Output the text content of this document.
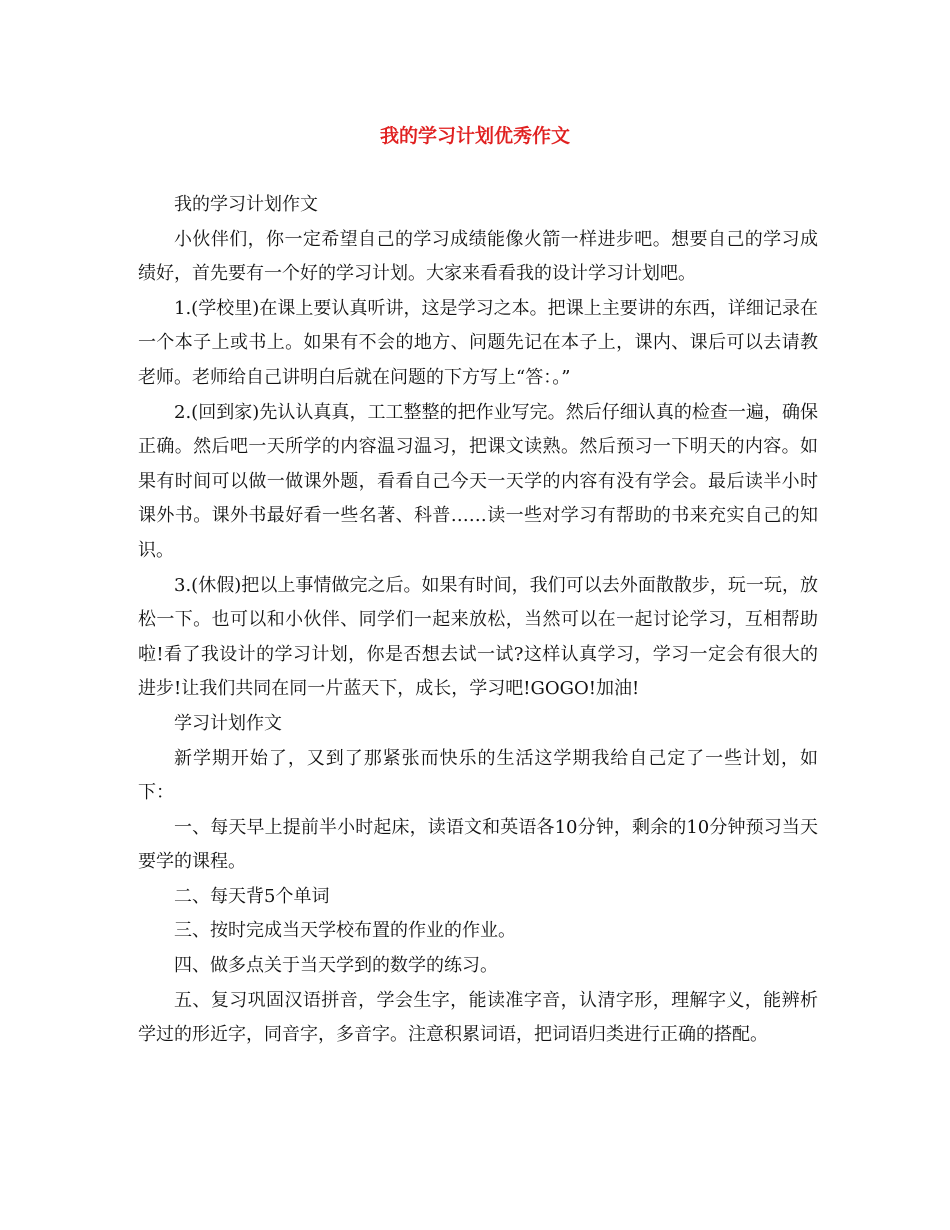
我的学习计划优秀作文

我的学习计划作文

小伙伴们，你一定希望自己的学习成绩能像火箭一样进步吧。想要自己的学习成绩好，首先要有一个好的学习计划。大家来看看我的设计学习计划吧。

1.(学校里)在课上要认真听讲，这是学习之本。把课上主要讲的东西，详细记录在一个本子上或书上。如果有不会的地方、问题先记在本子上，课内、课后可以去请教老师。老师给自己讲明白后就在问题的下方写上“答：。”

2.(回到家)先认认真真，工工整整的把作业写完。然后仔细认真的检查一遍，确保正确。然后吧一天所学的内容温习温习，把课文读熟。然后预习一下明天的内容。如果有时间可以做一做课外题，看看自己今天一天学的内容有没有学会。最后读半小时课外书。课外书最好看一些名著、科普……读一些对学习有帮助的书来充实自己的知识。

3.(休假)把以上事情做完之后。如果有时间，我们可以去外面散散步，玩一玩，放松一下。也可以和小伙伴、同学们一起来放松，当然可以在一起讨论学习，互相帮助啦!看了我设计的学习计划，你是否想去试一试?这样认真学习，学习一定会有很大的进步!让我们共同在同一片蓝天下，成长，学习吧!GOGO!加油!

学习计划作文

新学期开始了，又到了那紧张而快乐的生活这学期我给自己定了一些计划，如下：

一、每天早上提前半小时起床，读语文和英语各10分钟，剩余的10分钟预习当天要学的课程。

二、每天背5个单词

三、按时完成当天学校布置的作业的作业。

四、做多点关于当天学到的数学的练习。

五、复习巩固汉语拼音，学会生字，能读准字音，认清字形，理解字义，能辨析学过的形近字，同音字，多音字。注意积累词语，把词语归类进行正确的搭配。
